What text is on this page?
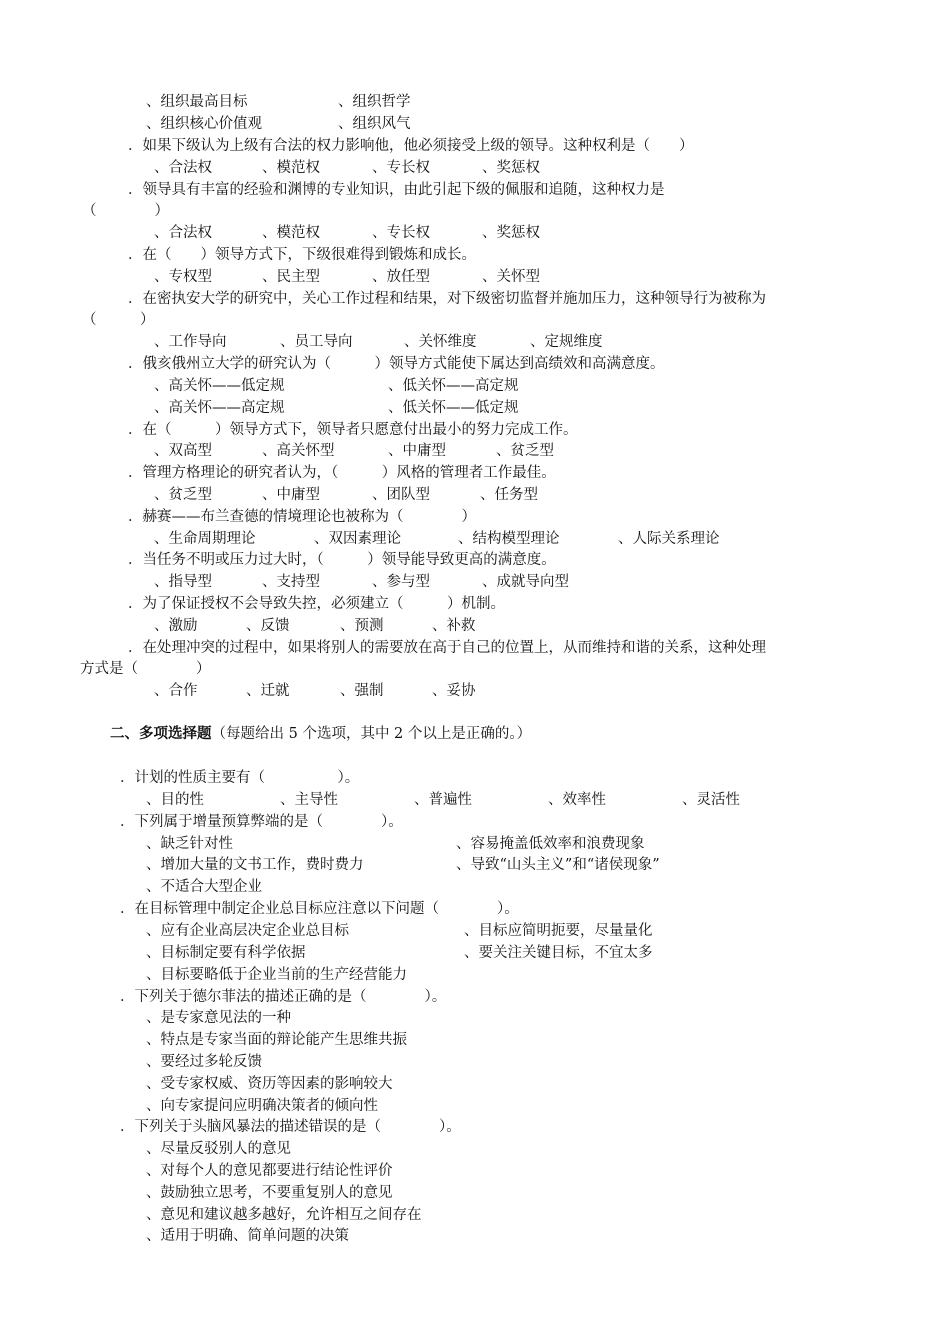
、组织最高目标	、组织哲学
、组织核心价值观	、组织风气
．如果下级认为上级有合法的权力影响他，他必须接受上级的领导。这种权利是（　　）
、合法权	、模范权	、专长权	、奖惩权
．领导具有丰富的经验和渊博的专业知识，由此引起下级的佩服和追随，这种权力是
（　　　　）
、合法权	、模范权	、专长权	、奖惩权
．在（　　）领导方式下，下级很难得到锻炼和成长。
、专权型	、民主型	、放任型	、关怀型
．在密执安大学的研究中，关心工作过程和结果，对下级密切监督并施加压力，这种领导行为被称为
（　　　）
、工作导向	、员工导向	、关怀维度	、定规维度
．俄亥俄州立大学的研究认为（　　　）领导方式能使下属达到高绩效和高满意度。
、高关怀——低定规	、低关怀——高定规
、高关怀——高定规	、低关怀——低定规
．在（　　　）领导方式下，领导者只愿意付出最小的努力完成工作。
、双高型	、高关怀型	、中庸型	、贫乏型
．管理方格理论的研究者认为，（　　　）风格的管理者工作最佳。
、贫乏型	、中庸型	、团队型	、任务型
．赫赛——布兰查德的情境理论也被称为（　　　　）
、生命周期理论	、双因素理论	、结构模型理论	、人际关系理论
．当任务不明或压力过大时，（　　　）领导能导致更高的满意度。
、指导型	、支持型	、参与型	、成就导向型
．为了保证授权不会导致失控，必须建立（　　　）机制。
、激励	、反馈	、预测	、补救
．在处理冲突的过程中，如果将别人的需要放在高于自己的位置上，从而维持和谐的关系，这种处理
方式是（　　　　）
、合作	、迁就	、强制	、妥协
二、多项选择题（每题给出 5 个选项，其中 2 个以上是正确的。）
．计划的性质主要有（　　　　　）。
、目的性	、主导性	、普遍性	、效率性	、灵活性
．下列属于增量预算弊端的是（　　　　）。
、缺乏针对性	、容易掩盖低效率和浪费现象
、增加大量的文书工作，费时费力	、导致“山头主义”和“诸侯现象”
、不适合大型企业
．在目标管理中制定企业总目标应注意以下问题（　　　　）。
、应有企业高层决定企业总目标	、目标应简明扼要，尽量量化
、目标制定要有科学依据	、要关注关键目标，不宜太多
、目标要略低于企业当前的生产经营能力
．下列关于德尔菲法的描述正确的是（　　　　）。
、是专家意见法的一种
、特点是专家当面的辩论能产生思维共振
、要经过多轮反馈
、受专家权威、资历等因素的影响较大
、向专家提问应明确决策者的倾向性
．下列关于头脑风暴法的描述错误的是（　　　　）。
、尽量反驳别人的意见
、对每个人的意见都要进行结论性评价
、鼓励独立思考，不要重复别人的意见
、意见和建议越多越好，允许相互之间存在
、适用于明确、简单问题的决策
